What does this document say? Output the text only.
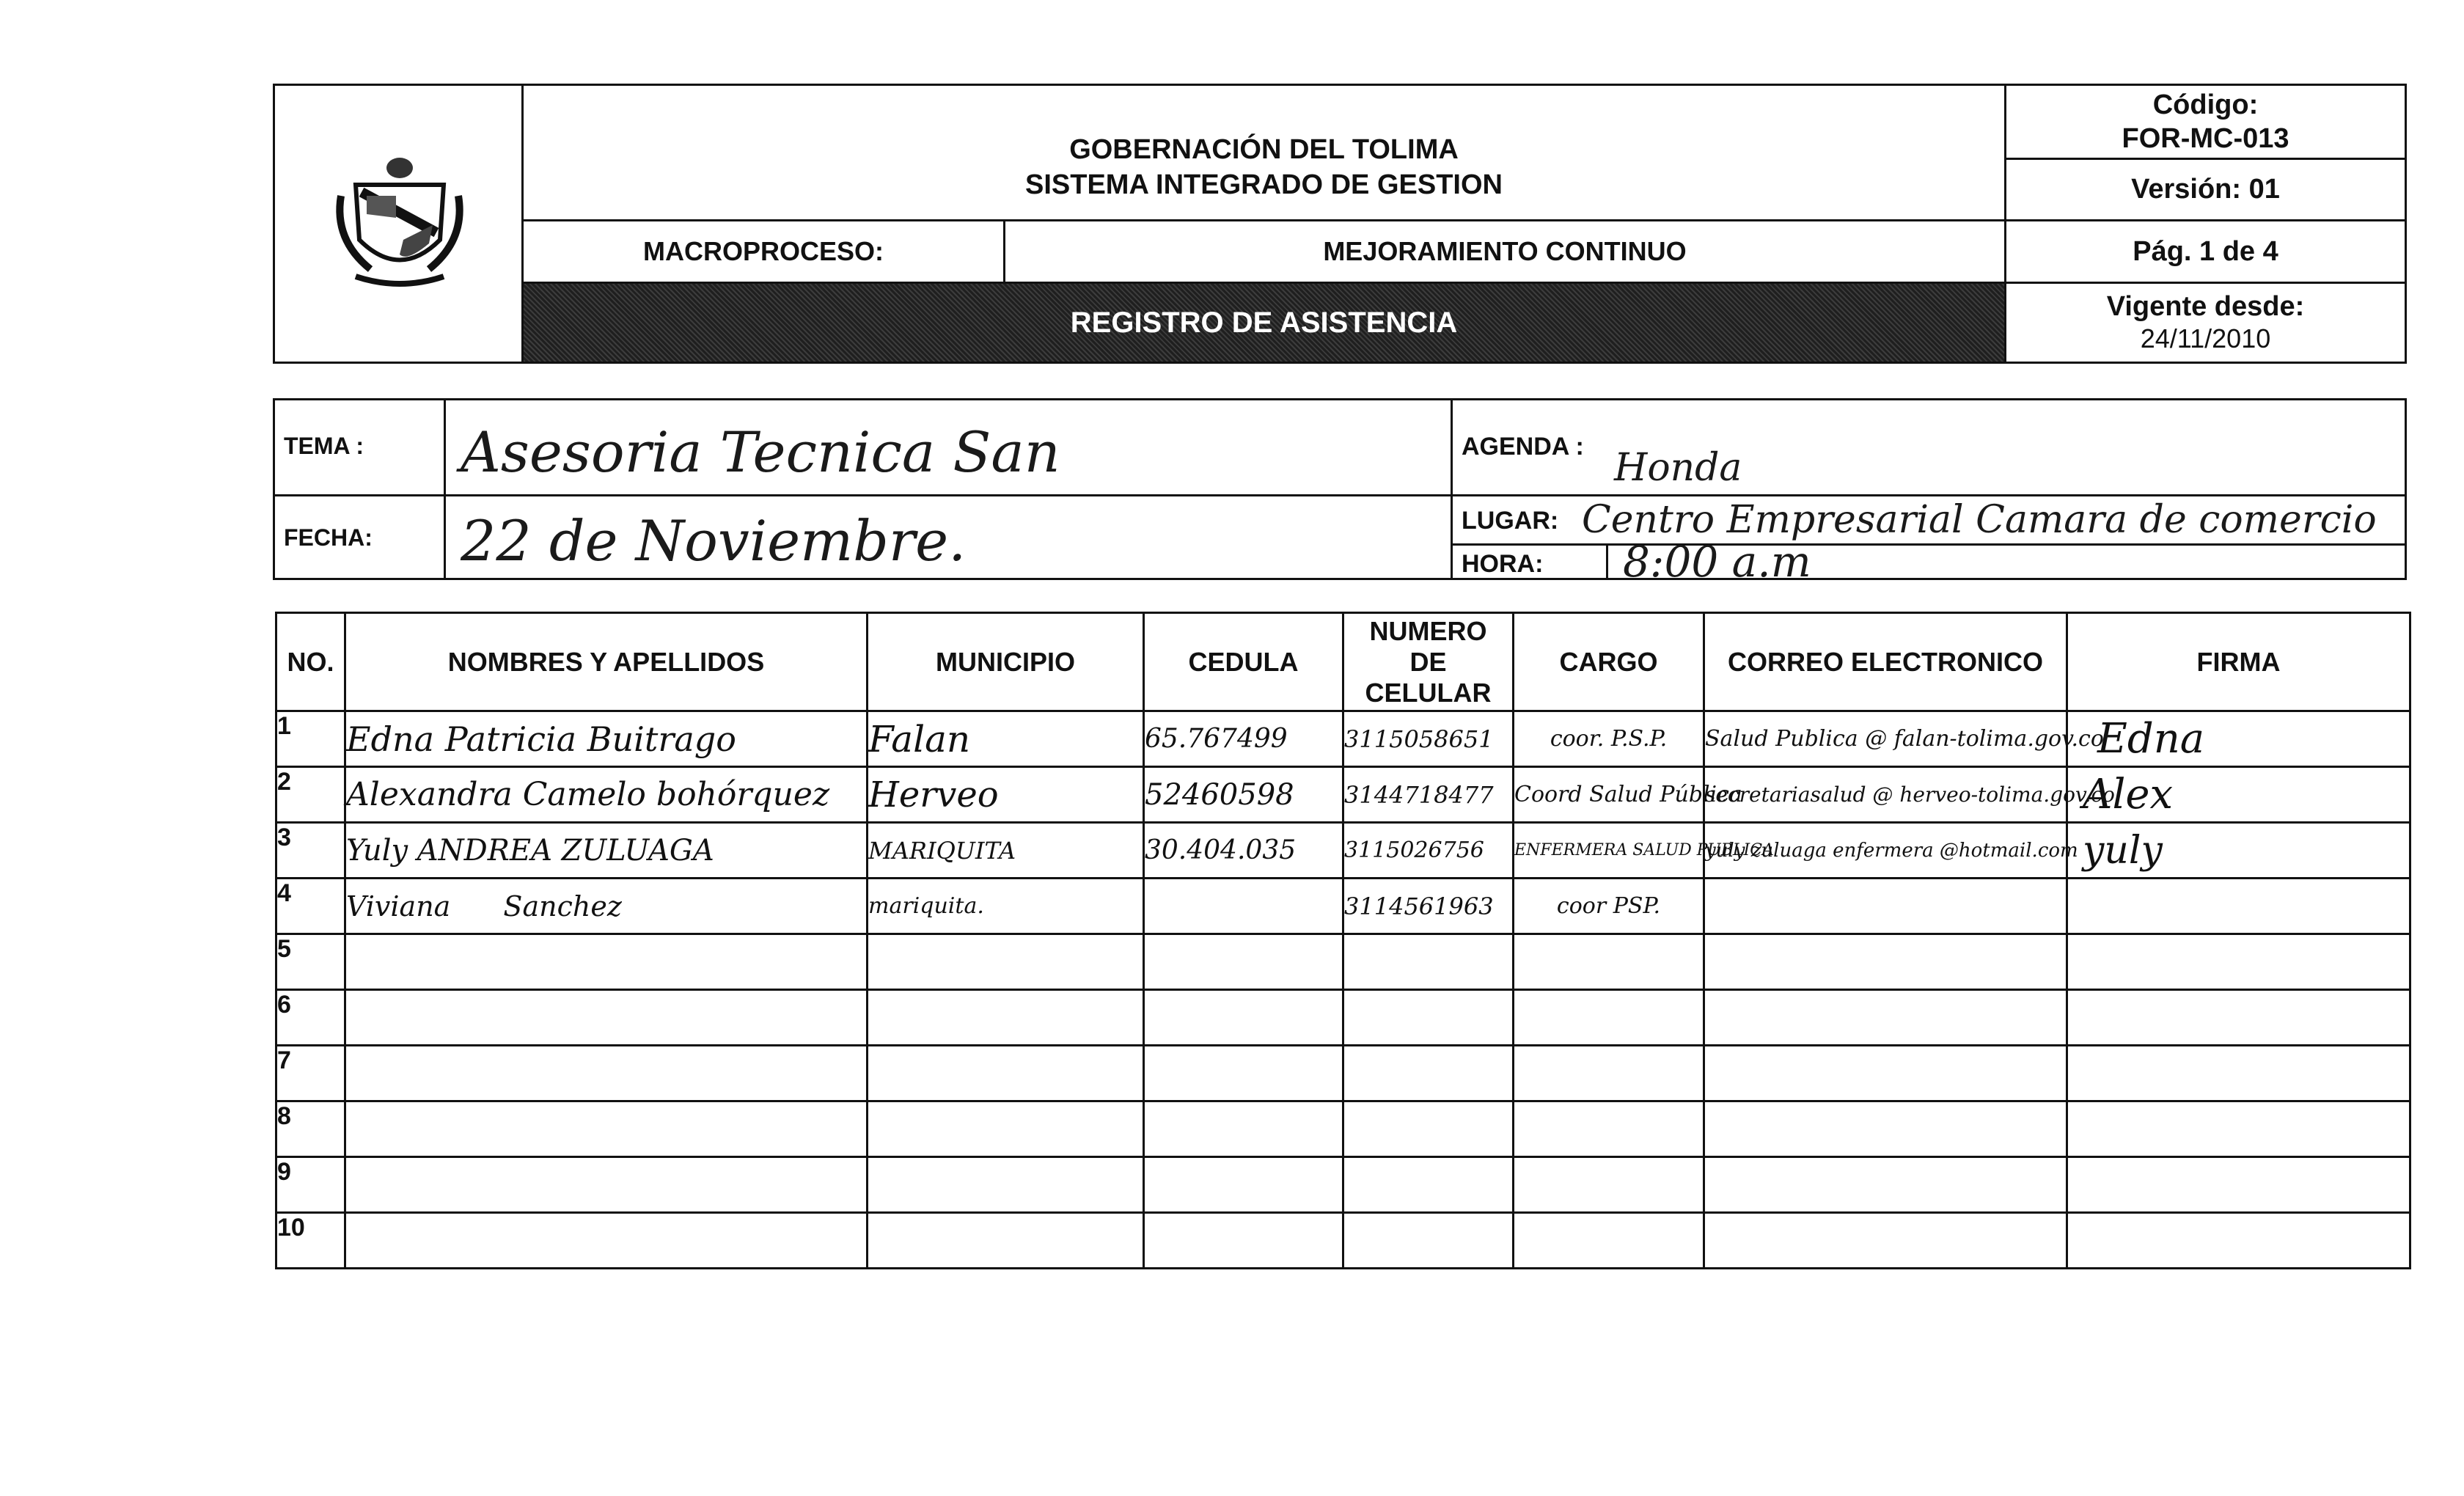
GOBERNACIÓN DEL TOLIMA
SISTEMA INTEGRADO DE GESTION
Código:
FOR-MC-013
Versión: 01
MACROPROCESO:	MEJORAMIENTO CONTINUO	Pág. 1 de 4
REGISTRO DE ASISTENCIA	Vigente desde:
24/11/2010
TEMA :	Asesoria Tecnica San	AGENDA : Honda
FECHA:	22 de Noviembre.	LUGAR: Centro Empresarial Camara de comercio
HORA: 8:00 a.m
NO.	NOMBRES Y APELLIDOS	MUNICIPIO	CEDULA	NUMERO DE CELULAR	CARGO	CORREO ELECTRONICO	FIRMA
1	Edna Patricia Buitrago	Falan	65.767499	3115058651	coor. P.S.P.	Salud Publica @ falan-tolima.gov.co	Edna
2	Alexandra Camelo bohórquez	Herveo	52460598	3144718477	Coord Salud Pública	secretariasalud @ herveo-tolima.gov.co	Alex
3	Yuly ANDREA ZULUAGA	MARIQUITA	30.404.035	3115026756	ENFERMERA SALUD PUBLICA	yuly zuluaga enfermera @hotmail.com	yuly
4	Viviana Sanchez	mariquita.		3114561963	coor PSP.		
5							
6							
7							
8							
9							
10							
